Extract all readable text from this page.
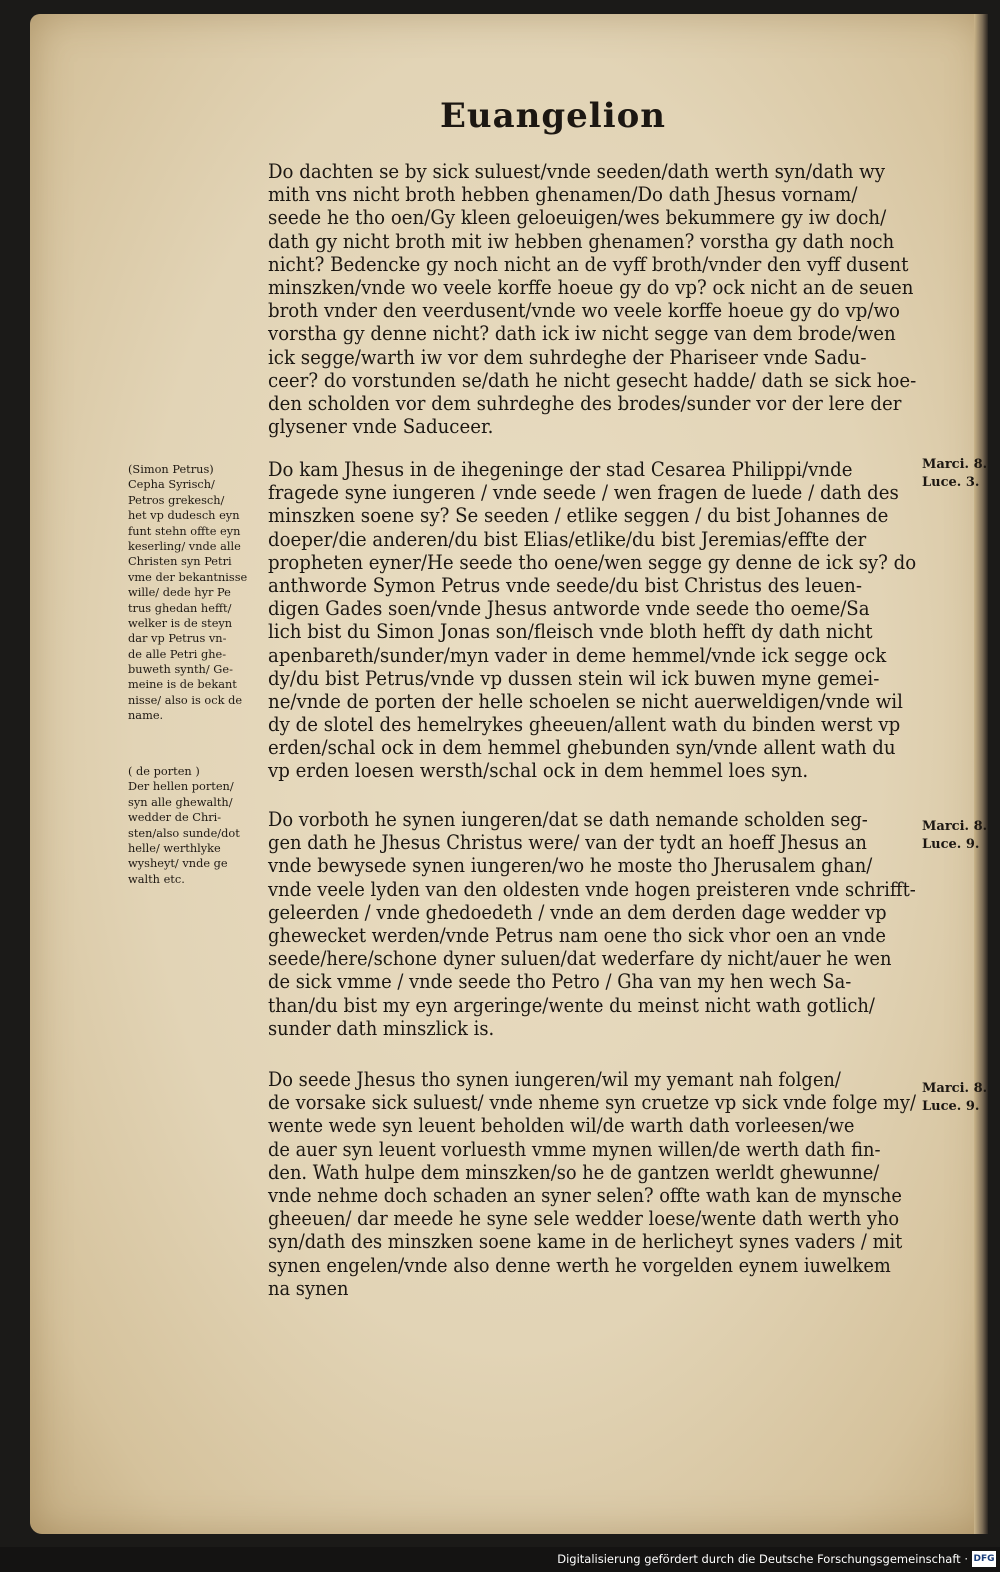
Euangelion
Do dachten se by sick suluest/vnde seeden/dath werth syn/dath wy
mith vns nicht broth hebben ghenamen/Do dath Jhesus vornam/
seede he tho oen/Gy kleen geloeuigen/wes bekummere gy iw doch/
dath gy nicht broth mit iw hebben ghenamen? vorstha gy dath noch
nicht? Bedencke gy noch nicht an de vyff broth/vnder den vyff dusent
minszken/vnde wo veele korffe hoeue gy do vp? ock nicht an de seuen
broth vnder den veerdusent/vnde wo veele korffe hoeue gy do vp/wo
vorstha gy denne nicht? dath ick iw nicht segge van dem brode/wen
ick segge/warth iw vor dem suhrdeghe der Phariseer vnde Sadu-
ceer? do vorstunden se/dath he nicht gesecht hadde/ dath se sick hoe-
den scholden vor dem suhrdeghe des brodes/sunder vor der lere der
glysener vnde Saduceer.
Do kam Jhesus in de ihegeninge der stad Cesarea Philippi/vnde
fragede syne iungeren / vnde seede / wen fragen de luede / dath des
minszken soene sy? Se seeden / etlike seggen / du bist Johannes de
doeper/die anderen/du bist Elias/etlike/du bist Jeremias/effte der
propheten eyner/He seede tho oene/wen segge gy denne de ick sy? do
anthworde Symon Petrus vnde seede/du bist Christus des leuen-
digen Gades soen/vnde Jhesus antworde vnde seede tho oeme/Sa
lich bist du Simon Jonas son/fleisch vnde bloth hefft dy dath nicht
apenbareth/sunder/myn vader in deme hemmel/vnde ick segge ock
dy/du bist Petrus/vnde vp dussen stein wil ick buwen myne gemei-
ne/vnde de porten der helle schoelen se nicht auerweldigen/vnde wil
dy de slotel des hemelrykes gheeuen/allent wath du binden werst vp
erden/schal ock in dem hemmel ghebunden syn/vnde allent wath du
vp erden loesen wersth/schal ock in dem hemmel loes syn.
Do vorboth he synen iungeren/dat se dath nemande scholden seg-
gen dath he Jhesus Christus were/ van der tydt an hoeff Jhesus an
vnde bewysede synen iungeren/wo he moste tho Jherusalem ghan/
vnde veele lyden van den oldesten vnde hogen preisteren vnde schrifft-
geleerden / vnde ghedoedeth / vnde an dem derden dage wedder vp
ghewecket werden/vnde Petrus nam oene tho sick vhor oen an vnde
seede/here/schone dyner suluen/dat wederfare dy nicht/auer he wen
de sick vmme / vnde seede tho Petro / Gha van my hen wech Sa-
than/du bist my eyn argeringe/wente du meinst nicht wath gotlich/
sunder dath minszlick is.
Do seede Jhesus tho synen iungeren/wil my yemant nah folgen/
de vorsake sick suluest/ vnde nheme syn cruetze vp sick vnde folge my/
wente wede syn leuent beholden wil/de warth dath vorleesen/we
de auer syn leuent vorluesth vmme mynen willen/de werth dath fin-
den. Wath hulpe dem minszken/so he de gantzen werldt ghewunne/
vnde nehme doch schaden an syner selen? offte wath kan de mynsche
gheeuen/ dar meede he syne sele wedder loese/wente dath werth yho
syn/dath des minszken soene kame in de herlicheyt synes vaders / mit
synen engelen/vnde also denne werth he vorgelden eynem iuwelkem
na synen
(Simon Petrus)
Cepha Syrisch/
Petros grekesch/
het vp dudesch eyn
funt stehn offte eyn
keserling/ vnde alle
Christen syn Petri
vme der bekantnisse
wille/ dede hyr Pe
trus ghedan hefft/
welker is de steyn
dar vp Petrus vn-
de alle Petri ghe-
buweth synth/ Ge-
meine is de bekant
nisse/ also is ock de
name.
( de porten )
Der hellen porten/
syn alle ghewalth/
wedder de Chri-
sten/also sunde/dot
helle/ werthlyke
wysheyt/ vnde ge
walth etc.
Marci. 8.
Luce. 3.
Marci. 8.
Luce. 9.
Marci. 8.
Luce. 9.
Digitalisierung gefördert durch die Deutsche Forschungsgemeinschaft · DFG
